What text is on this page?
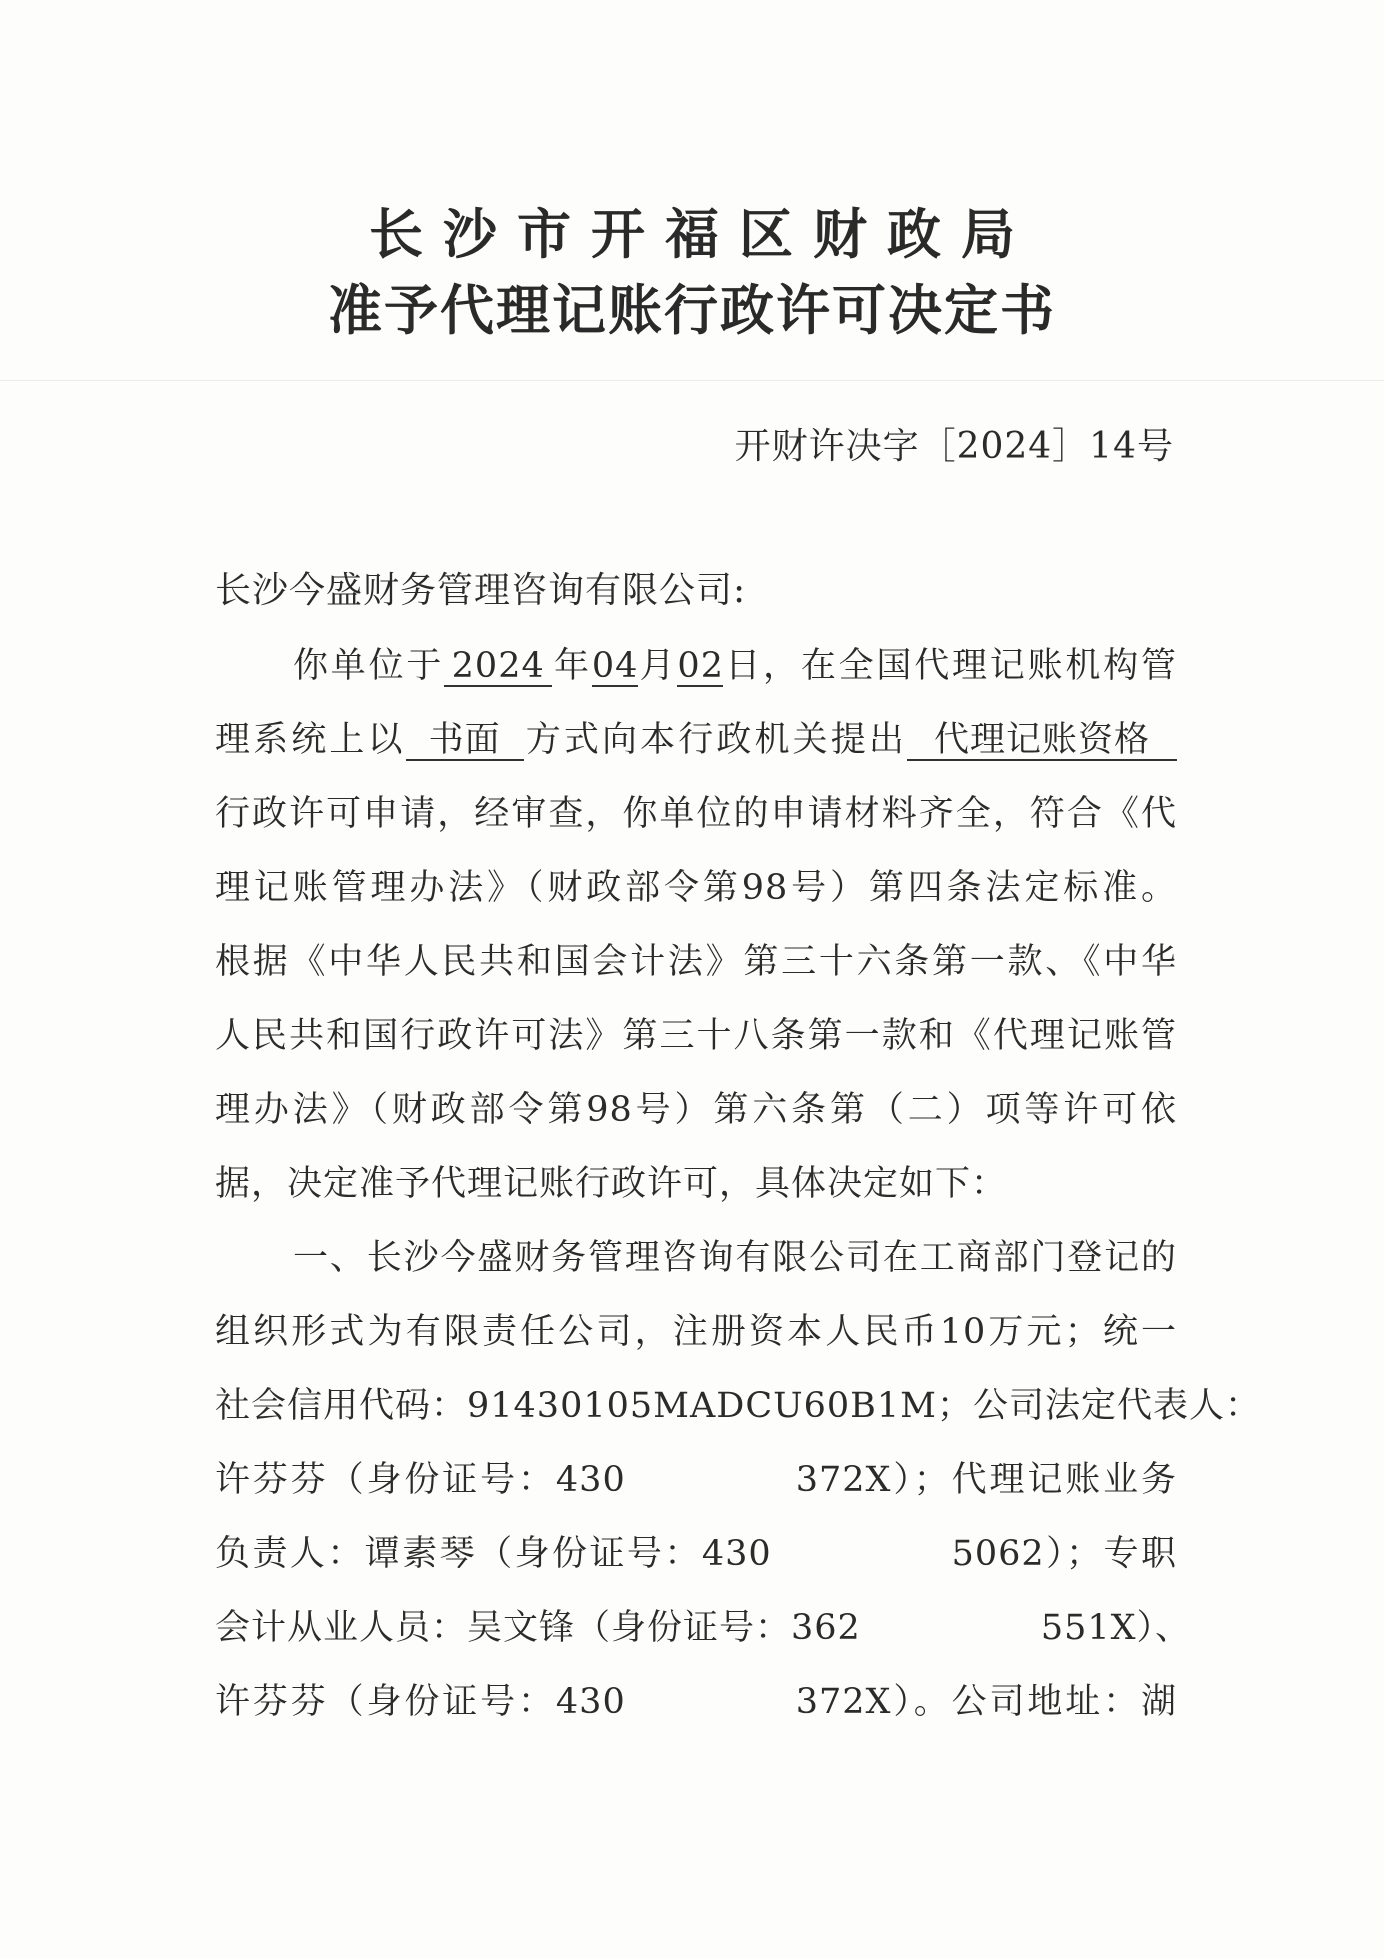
长沙市开福区财政局
准予代理记账行政许可决定书
开财许决字［2024］14号
长沙今盛财务管理咨询有限公司:
你单位于 2024 年04月02日，在全国代理记账机构管
理系统上以 书面 方式向本行政机关提出 代理记账资格
行政许可申请，经审查，你单位的申请材料齐全，符合《代
理记账管理办法》（财政部令第98号）第四条法定标准。
根据《中华人民共和国会计法》第三十六条第一款、《中华
人民共和国行政许可法》第三十八条第一款和《代理记账管
理办法》（财政部令第98号）第六条第（二）项等许可依
据，决定准予代理记账行政许可，具体决定如下：
一、长沙今盛财务管理咨询有限公司在工商部门登记的
组织形式为有限责任公司，注册资本人民币10万元；统一
社会信用代码：91430105MADCU60B1M；公司法定代表人：
许芬芬（身份证号：430	372X）；代理记账业务
负责人：谭素琴（身份证号：430	5062）；专职
会计从业人员：吴文锋（身份证号：362	551X）、
许芬芬（身份证号：430	372X）。公司地址：湖
